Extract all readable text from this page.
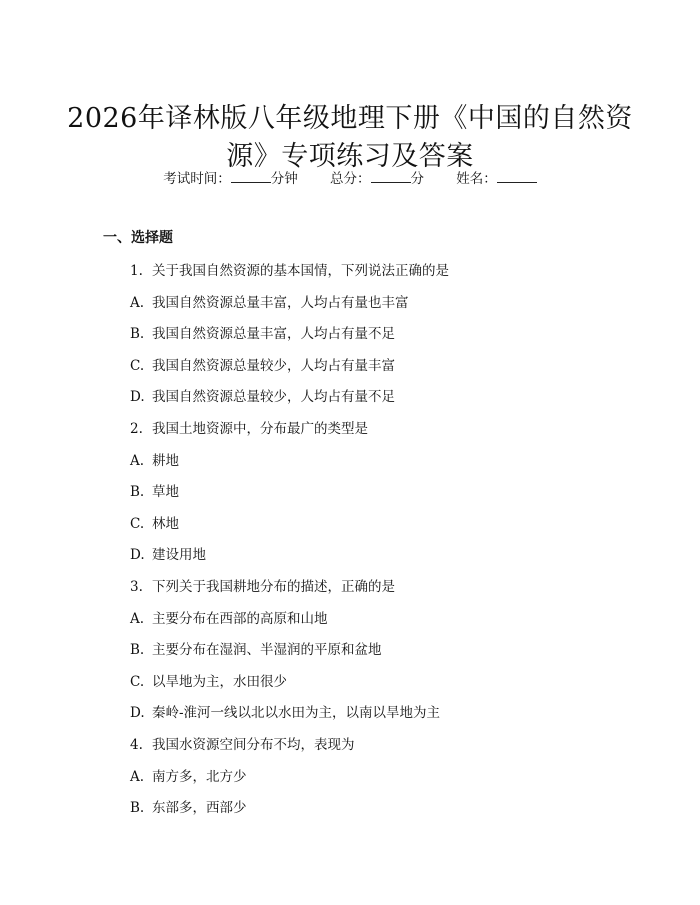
2026年译林版八年级地理下册《中国的自然资源》专项练习及答案
考试时间：	分钟 总分：	分 姓名：
一、选择题
1. 关于我国自然资源的基本国情，下列说法正确的是
A. 我国自然资源总量丰富，人均占有量也丰富
B. 我国自然资源总量丰富，人均占有量不足
C. 我国自然资源总量较少，人均占有量丰富
D. 我国自然资源总量较少，人均占有量不足
2. 我国土地资源中，分布最广的类型是
A. 耕地
B. 草地
C. 林地
D. 建设用地
3. 下列关于我国耕地分布的描述，正确的是
A. 主要分布在西部的高原和山地
B. 主要分布在湿润、半湿润的平原和盆地
C. 以旱地为主，水田很少
D. 秦岭-淮河一线以北以水田为主，以南以旱地为主
4. 我国水资源空间分布不均，表现为
A. 南方多，北方少
B. 东部多，西部少
